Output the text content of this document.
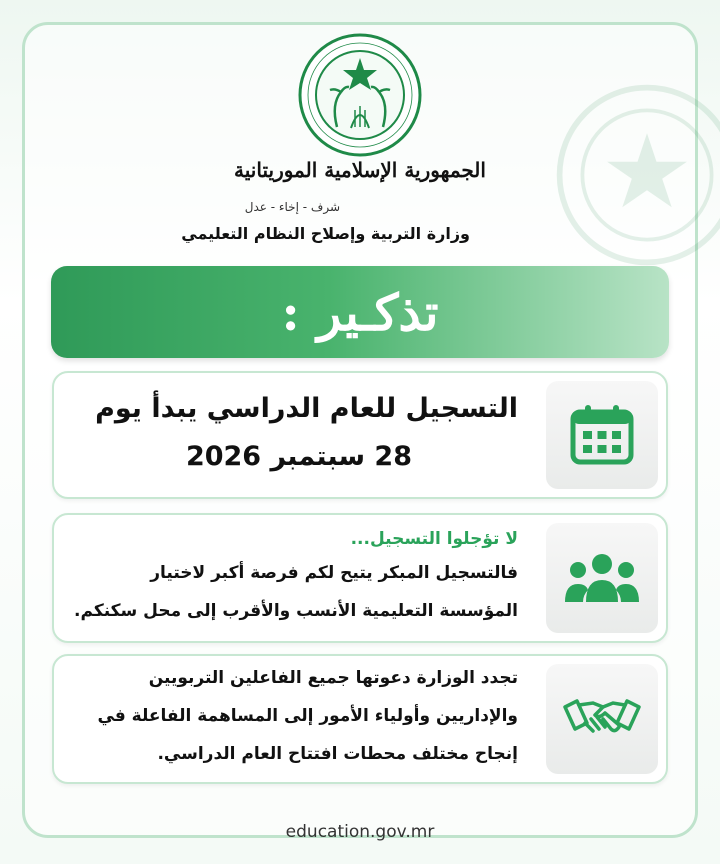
الجمهورية الإسلامية الموريتانية
شرف - إخاء - عدل
وزارة التربية وإصلاح النظام التعليمي
تذكـير :
التسجيل للعام الدراسي يبدأ يوم
28 سبتمبر 2026
لا تؤجلوا التسجيل...
فالتسجيل المبكر يتيح لكم فرصة أكبر لاختيار
المؤسسة التعليمية الأنسب والأقرب إلى محل سكنكم.
تجدد الوزارة دعوتها جميع الفاعلين التربويين
والإداريين وأولياء الأمور إلى المساهمة الفاعلة في
إنجاح مختلف محطات افتتاح العام الدراسي.
education.gov.mr
